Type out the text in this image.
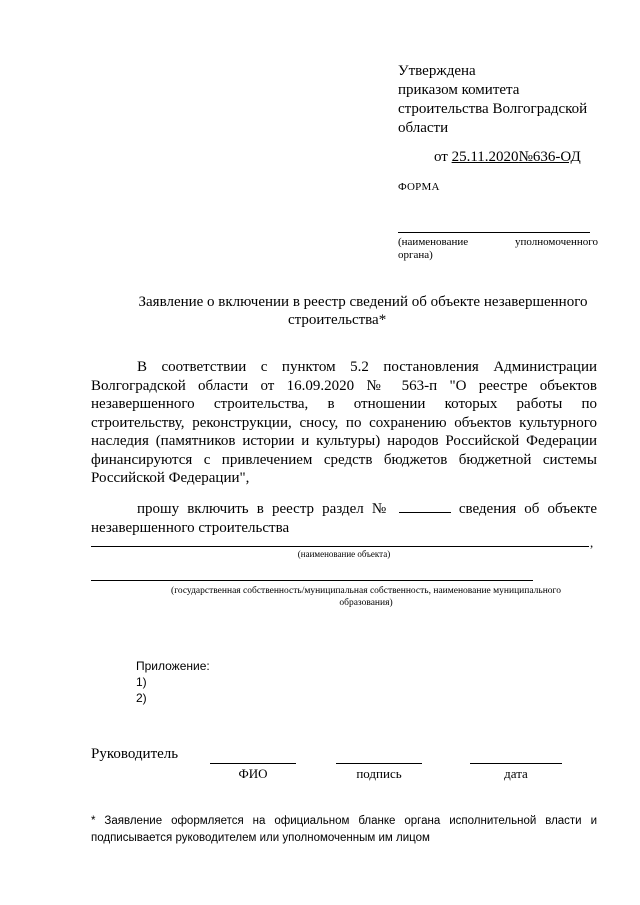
Утверждена
приказом комитета
строительства Волгоградской
области
от 25.11.2020№636-ОД
ФОРМА
(наименование	уполномоченного
органа)
Заявление о включении в реестр сведений об объекте незавершенного
строительства*
В соответствии с пунктом 5.2 постановления Администрации
Волгоградской области от 16.09.2020 № 563-п "О реестре объектов
незавершенного строительства, в отношении которых работы по
строительству, реконструкции, сносу, по сохранению объектов культурного
наследия (памятников истории и культуры) народов Российской Федерации
финансируются с привлечением средств бюджетов бюджетной системы
Российской Федерации",
прошу включить в реестр раздел №	сведения об объекте
незавершенного строительства
,
(наименование объекта)
(государственная собственность/муниципальная собственность, наименование муниципального
образования)
Приложение:
1)
2)
Руководитель
ФИО	подпись	дата
* Заявление оформляется на официальном бланке органа исполнительной власти и
подписывается руководителем или уполномоченным им лицом
